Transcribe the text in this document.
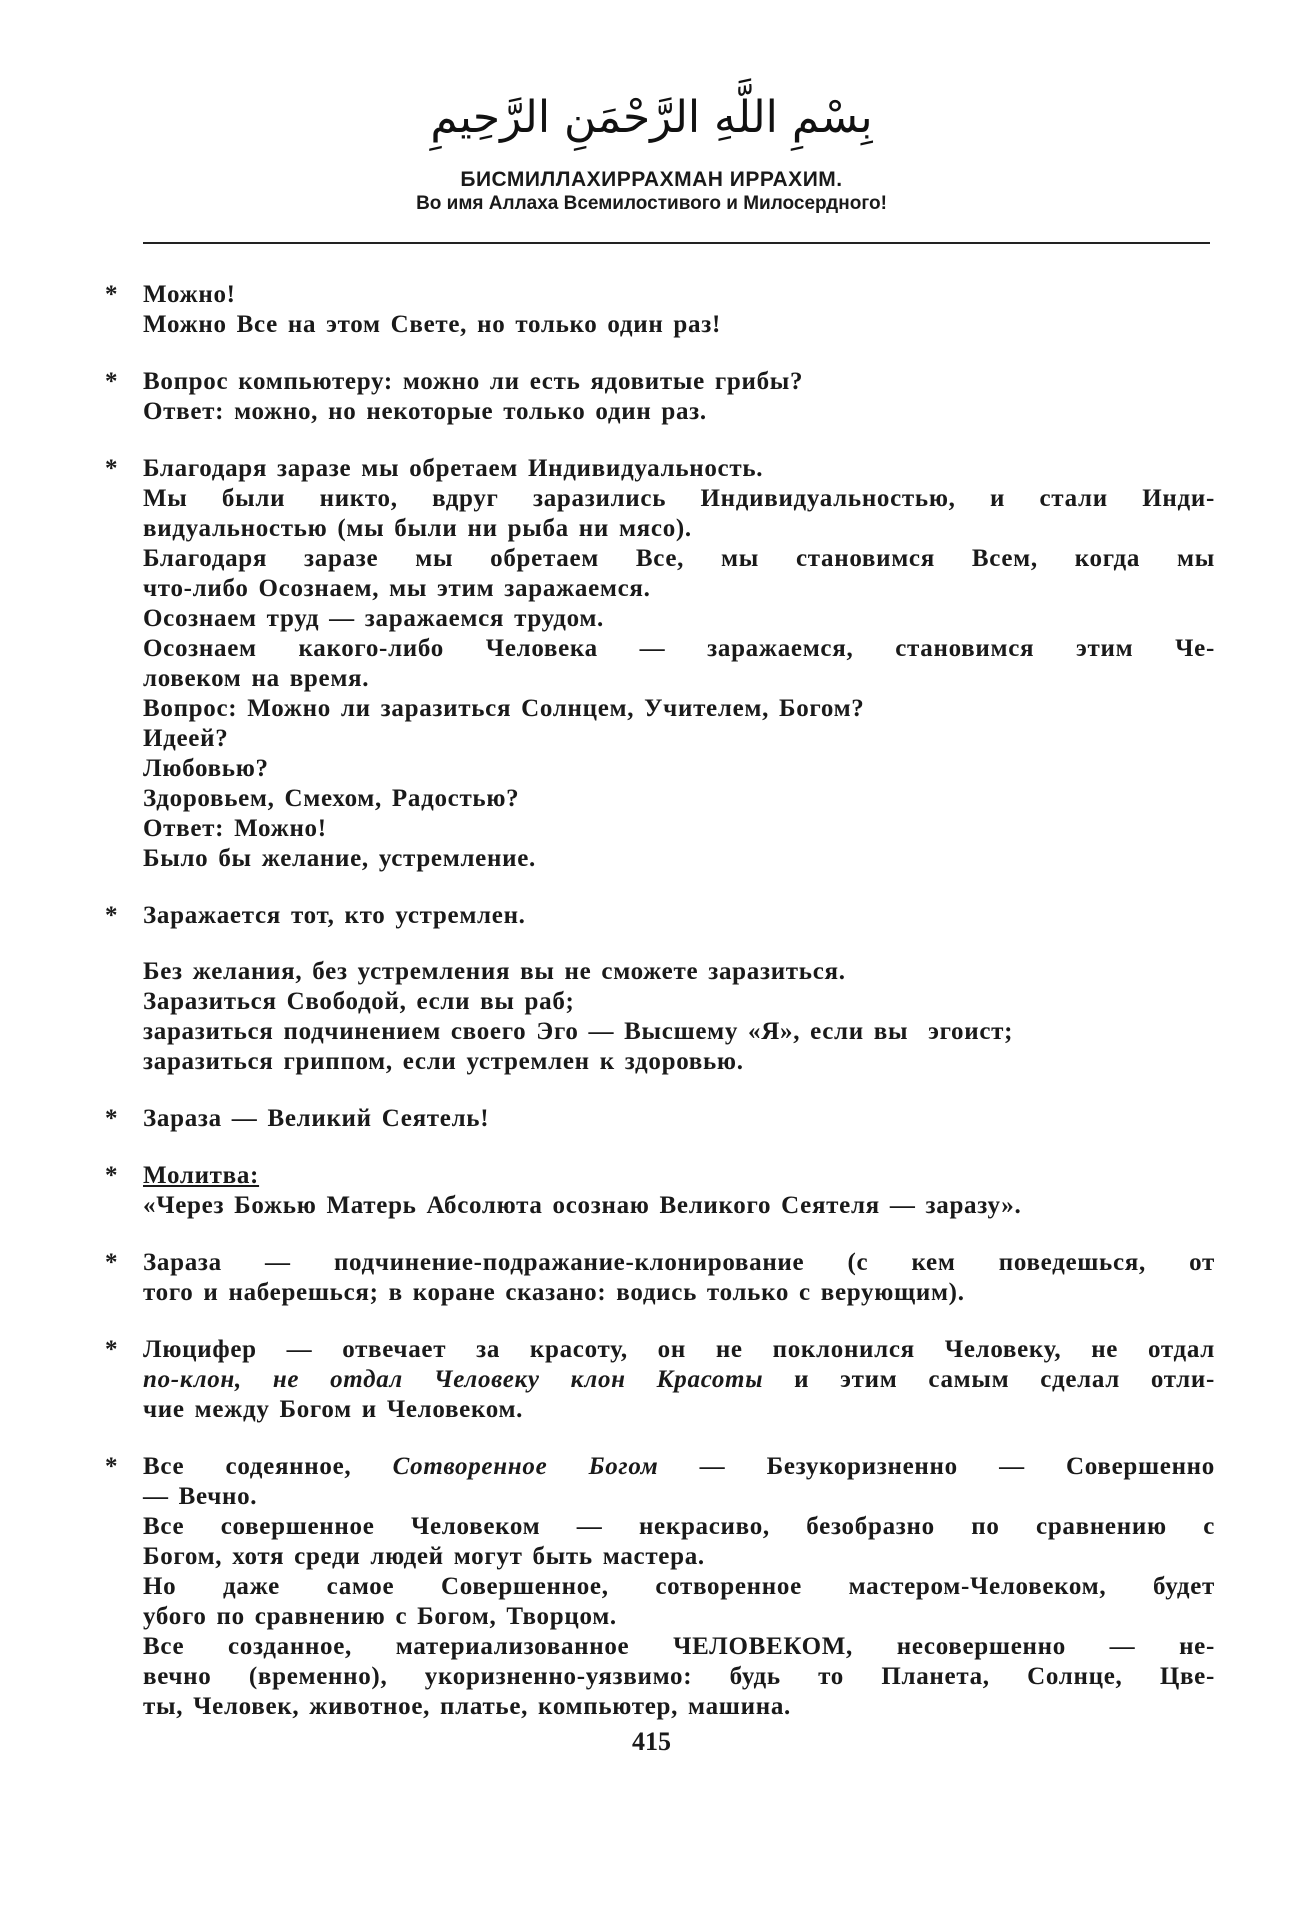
بِسْمِ اللَّهِ الرَّحْمَنِ الرَّحِيمِ
БИСМИЛЛАХИРРАХМАН ИРРАХИМ.
Во имя Аллаха Всемилостивого и Милосердного!
* Можно!
Можно Все на этом Свете, но только один раз!
* Вопрос компьютеру: можно ли есть ядовитые грибы?
Ответ: можно, но некоторые только один раз.
* Благодаря заразе мы обретаем Индивидуальность.
Мы были никто, вдруг заразились Индивидуальностью, и стали Инди-
видуальностью (мы были ни рыба ни мясо).
Благодаря заразе мы обретаем Все, мы становимся Всем, когда мы
что-либо Осознаем, мы этим заражаемся.
Осознаем труд — заражаемся трудом.
Осознаем какого-либо Человека — заражаемся, становимся этим Че-
ловеком на время.
Вопрос: Можно ли заразиться Солнцем, Учителем, Богом?
Идеей?
Любовью?
Здоровьем, Смехом, Радостью?
Ответ: Можно!
Было бы желание, устремление.
* Заражается тот, кто устремлен.
Без желания, без устремления вы не сможете заразиться.
Заразиться Свободой, если вы раб;
заразиться подчинением своего Эго — Высшему «Я», если вы  эгоист;
заразиться гриппом, если устремлен к здоровью.
* Зараза — Великий Сеятель!
* Молитва:
«Через Божью Матерь Абсолюта осознаю Великого Сеятеля — заразу».
* Зараза — подчинение-подражание-клонирование (с кем поведешься, от
того и наберешься; в коране сказано: водись только с верующим).
* Люцифер — отвечает за красоту, он не поклонился Человеку, не отдал
по-клон, не отдал Человеку клон Красоты и этим самым сделал отли-
чие между Богом и Человеком.
* Все содеянное, Сотворенное Богом — Безукоризненно — Совершенно
— Вечно.
Все совершенное Человеком — некрасиво, безобразно по сравнению с
Богом, хотя среди людей могут быть мастера.
Но даже самое Совершенное, сотворенное мастером-Человеком, будет
убого по сравнению с Богом, Творцом.
Все созданное, материализованное ЧЕЛОВЕКОМ, несовершенно — не-
вечно (временно), укоризненно-уязвимо: будь то Планета, Солнце, Цве-
ты, Человек, животное, платье, компьютер, машина.
415
